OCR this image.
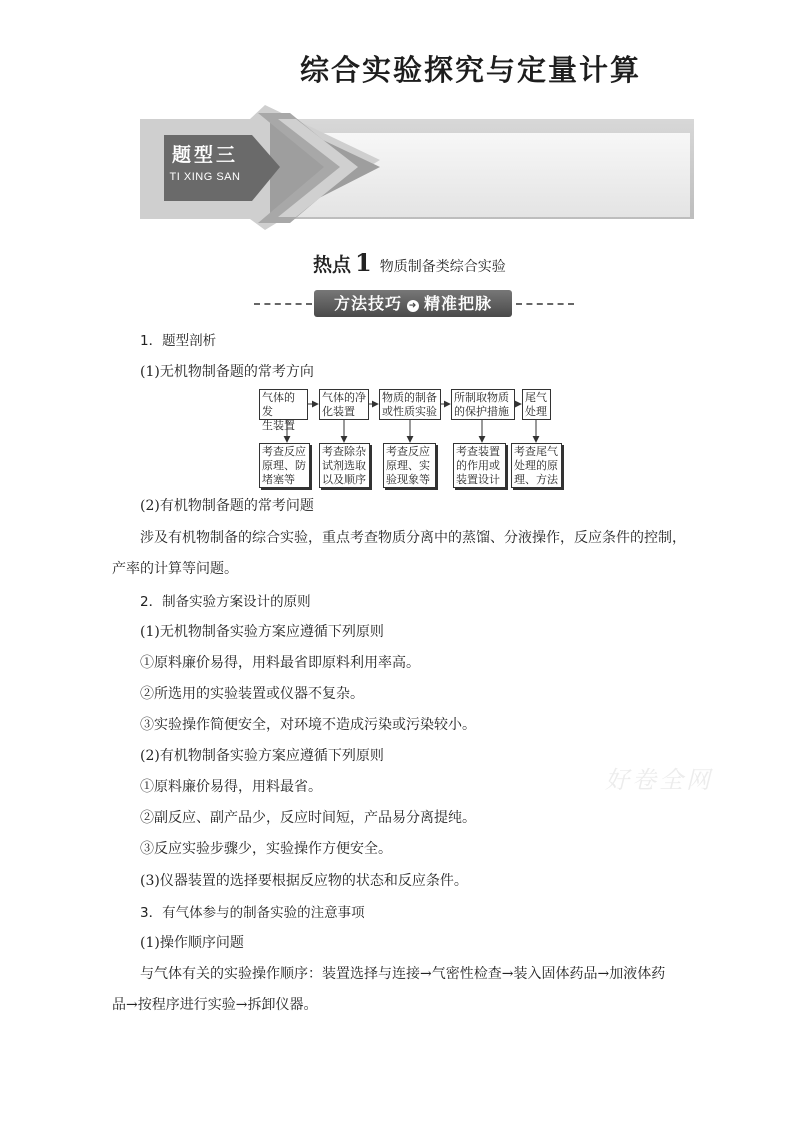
题型三
TI XING SAN
综合实验探究与定量计算
热点 1 物质制备类综合实验
方法技巧 ➜ 精准把脉
1．题型剖析
(1)无机物制备题的常考方向
气体的发
生装置
气体的净
化装置
物质的制备
或性质实验
所制取物质
的保护措施
尾气
处理
考查反应
原理、防
堵塞等
考查除杂
试剂选取
以及顺序
考查反应
原理、实
验现象等
考查装置
的作用或
装置设计
考查尾气
处理的原
理、方法
(2)有机物制备题的常考问题
涉及有机物制备的综合实验，重点考查物质分离中的蒸馏、分液操作，反应条件的控制，
产率的计算等问题。
2．制备实验方案设计的原则
(1)无机物制备实验方案应遵循下列原则
①原料廉价易得，用料最省即原料利用率高。
②所选用的实验装置或仪器不复杂。
③实验操作简便安全，对环境不造成污染或污染较小。
(2)有机物制备实验方案应遵循下列原则
①原料廉价易得，用料最省。
②副反应、副产品少，反应时间短，产品易分离提纯。
③反应实验步骤少，实验操作方便安全。
(3)仪器装置的选择要根据反应物的状态和反应条件。
3．有气体参与的制备实验的注意事项
(1)操作顺序问题
与气体有关的实验操作顺序：装置选择与连接→气密性检查→装入固体药品→加液体药
品→按程序进行实验→拆卸仪器。
好卷全网
